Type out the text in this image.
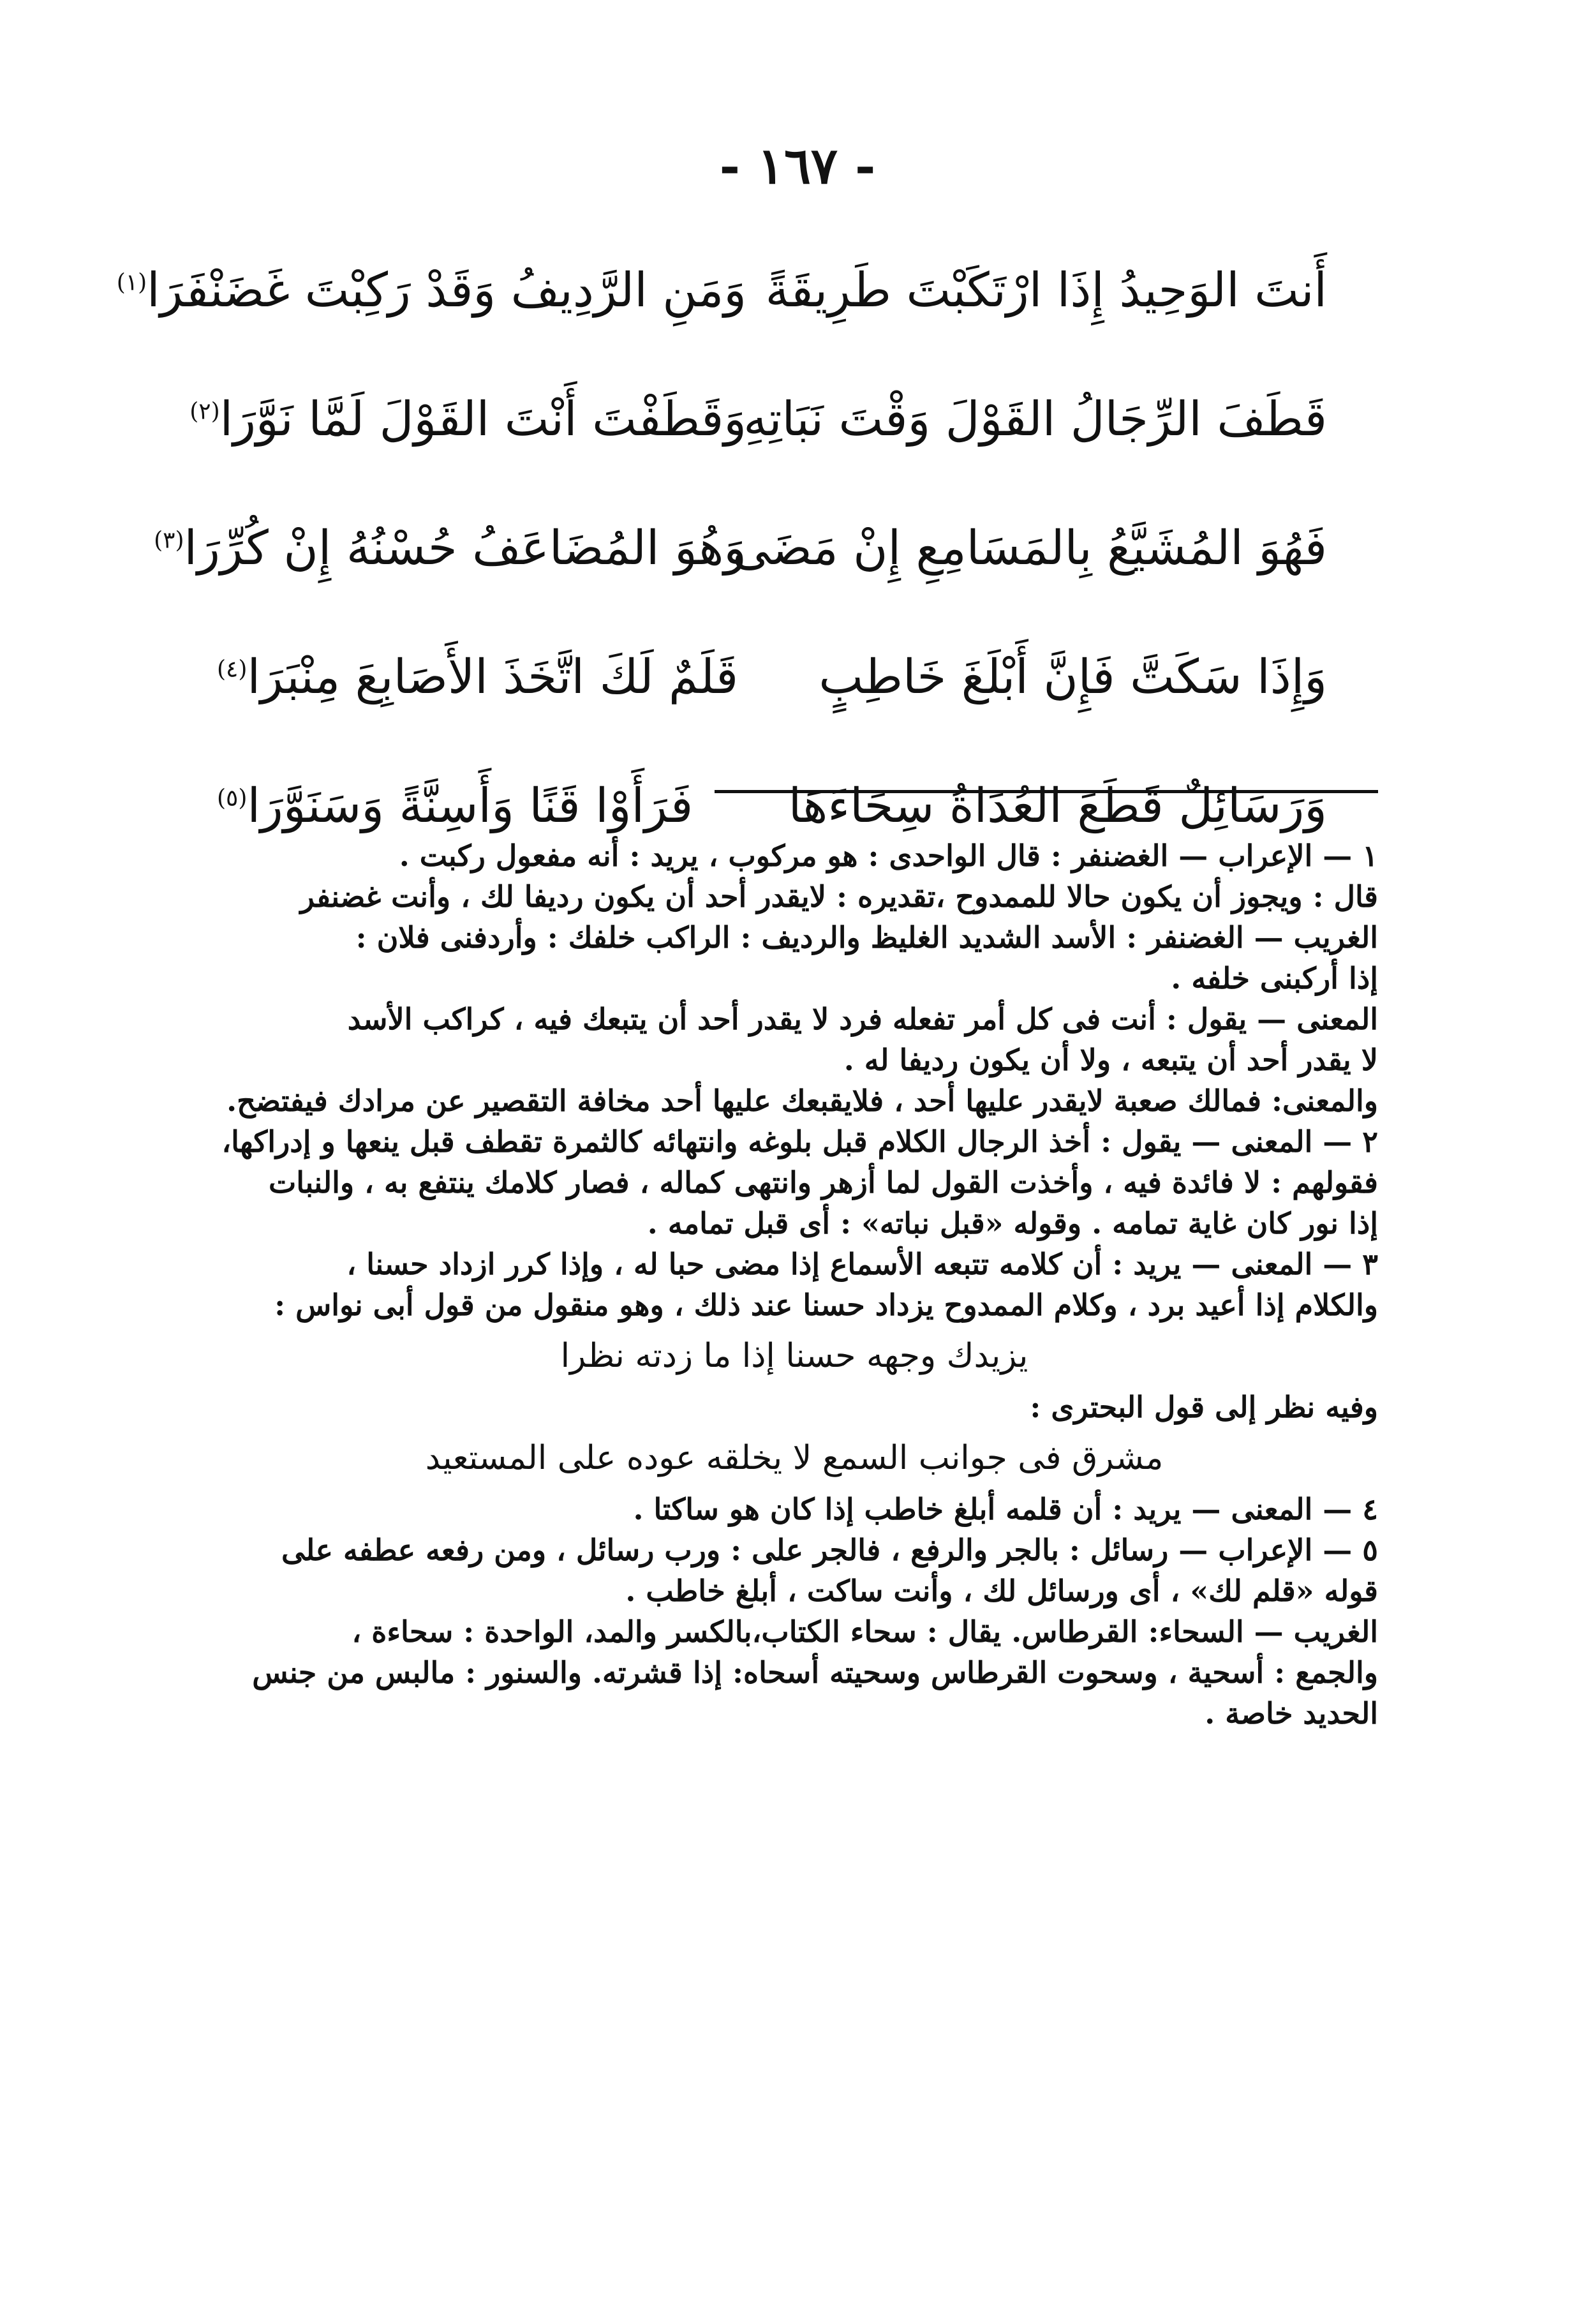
- ١٦٧ -
أَنتَ الوَحِيدُ إِذَا ارْتَكَبْتَ طَرِيقَةً
وَمَنِ الرَّدِيفُ وَقَدْ رَكِبْتَ غَضَنْفَرَا$^{(١)}$
قَطَفَ الرِّجَالُ القَوْلَ وَقْتَ نَبَاتِهِ
وَقَطَفْتَ أَنْتَ القَوْلَ لَمَّا نَوَّرَا$^{(٢)}$
فَهُوَ المُشَيَّعُ بِالمَسَامِعِ إِنْ مَضَى
وَهُوَ المُضَاعَفُ حُسْنُهُ إِنْ كُرِّرَا$^{(٣)}$
وَإِذَا سَكَتَّ فَإِنَّ أَبْلَغَ خَاطِبٍ
قَلَمٌ لَكَ اتَّخَذَ الأَصَابِعَ مِنْبَرَا$^{(٤)}$
وَرَسَائِلٌ قَطَعَ العُدَاةُ سِحَاءَهَا
فَرَأَوْا قَنًا وَأَسِنَّةً وَسَنَوَّرَا$^{(٥)}$

١ — الإعراب — الغضنفر : قال الواحدى : هو مركوب ، يريد : أنه مفعول ركبت .

قال : ويجوز أن يكون حالا للممدوح ،تقديره : لايقدر أحد أن يكون رديفا لك ، وأنت غضنفر

الغريب — الغضنفر : الأسد الشديد الغليظ والرديف : الراكب خلفك : وأردفنى فلان :

إذا أركبنى خلفه .

المعنى — يقول : أنت فى كل أمر تفعله فرد لا يقدر أحد أن يتبعك فيه ، كراكب الأسد

لا يقدر أحد أن يتبعه ، ولا أن يكون رديفا له .

والمعنى: فمالك صعبة لايقدر عليها أحد ، فلايقبعك عليها أحد مخافة التقصير عن مرادك فيفتضح.

٢ — المعنى — يقول : أخذ الرجال الكلام قبل بلوغه وانتهائه كالثمرة تقطف قبل ينعها و إدراكها،

فقولهم : لا فائدة فيه ، وأخذت القول لما أزهر وانتهى كماله ، فصار كلامك ينتفع به ، والنبات

إذا نور كان غاية تمامه . وقوله «قبل نباته» : أى قبل تمامه .

٣ — المعنى — يريد : أن كلامه تتبعه الأسماع إذا مضى حبا له ، وإذا كرر ازداد حسنا ،

والكلام إذا أعيد برد ، وكلام الممدوح يزداد حسنا عند ذلك ، وهو منقول من قول أبى نواس :

يزيدك وجهه حسنا إذا ما زدته نظرا

وفيه نظر إلى قول البحترى :

مشرق فى جوانب السمع لا يخلقه عوده على المستعيد

٤ — المعنى — يريد : أن قلمه أبلغ خاطب إذا كان هو ساكتا .

٥ — الإعراب — رسائل : بالجر والرفع ، فالجر على : ورب رسائل ، ومن رفعه عطفه على

قوله «قلم لك» ، أى ورسائل لك ، وأنت ساكت ، أبلغ خاطب .

الغريب — السحاء: القرطاس. يقال : سحاء الكتاب،بالكسر والمد، الواحدة : سحاءة ،

والجمع : أسحية ، وسحوت القرطاس وسحيته أسحاه: إذا قشرته. والسنور : مالبس من جنس

الحديد خاصة .
